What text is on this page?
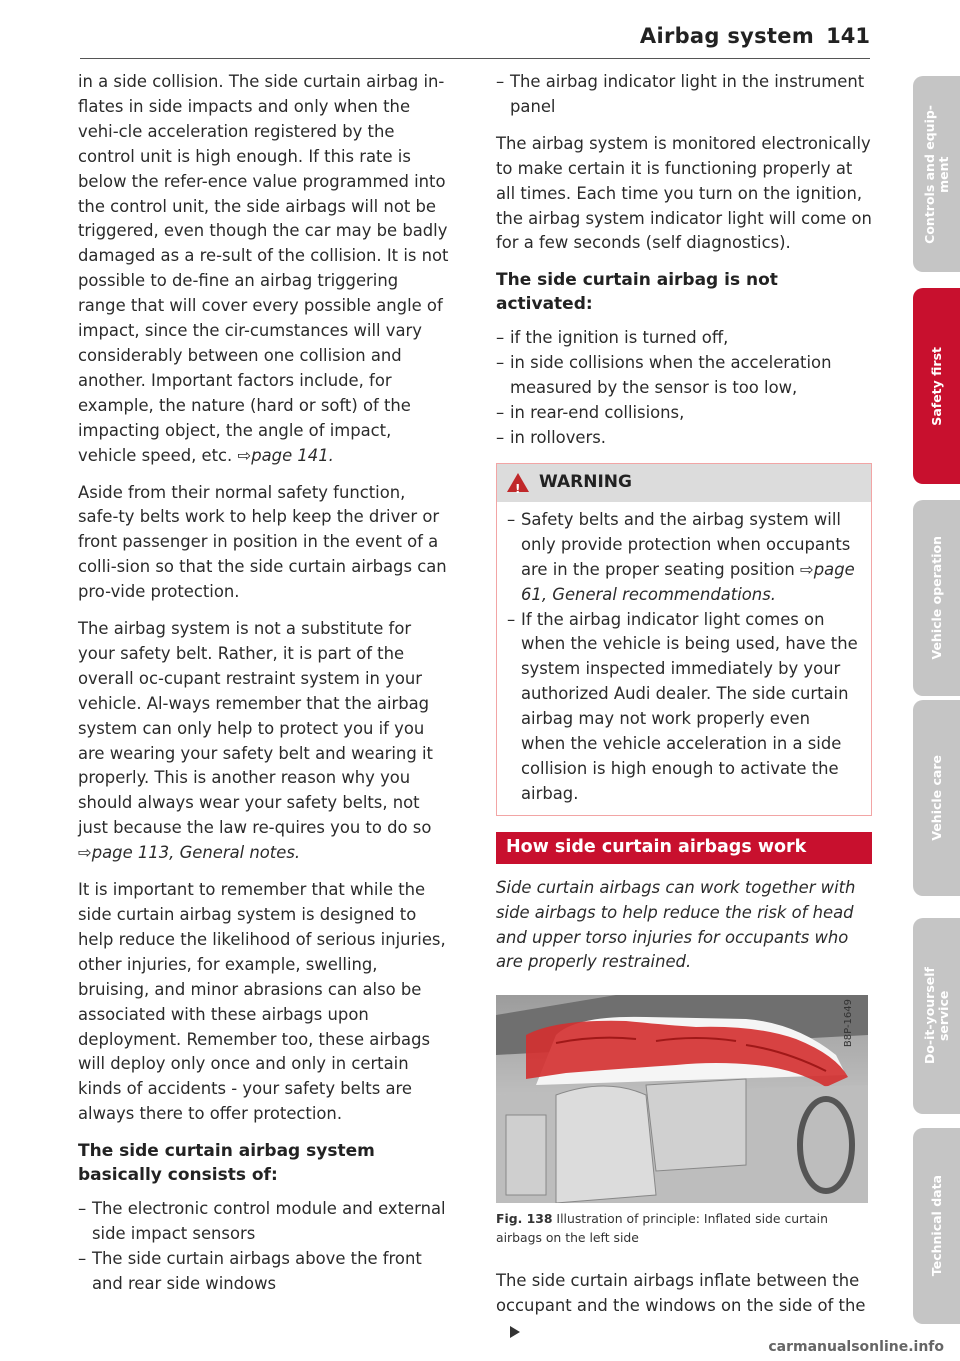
Airbag system 141

in a side collision. The side curtain airbag in-flates in side impacts and only when the vehi-cle acceleration registered by the control unit is high enough. If this rate is below the refer-ence value programmed into the control unit, the side airbags will not be triggered, even though the car may be badly damaged as a re-sult of the collision. It is not possible to de-fine an airbag triggering range that will cover every possible angle of impact, since the cir-cumstances will vary considerably between one collision and another. Important factors include, for example, the nature (hard or soft) of the impacting object, the angle of impact, vehicle speed, etc. ⇨page 141.

Aside from their normal safety function, safe-ty belts work to help keep the driver or front passenger in position in the event of a colli-sion so that the side curtain airbags can pro-vide protection.

The airbag system is not a substitute for your safety belt. Rather, it is part of the overall oc-cupant restraint system in your vehicle. Al-ways remember that the airbag system can only help to protect you if you are wearing your safety belt and wearing it properly. This is another reason why you should always wear your safety belts, not just because the law re-quires you to do so ⇨page 113, General notes.

It is important to remember that while the side curtain airbag system is designed to help reduce the likelihood of serious injuries, other injuries, for example, swelling, bruising, and minor abrasions can also be associated with these airbags upon deployment. Remember too, these airbags will deploy only once and only in certain kinds of accidents - your safety belts are always there to offer protection.

The side curtain airbag system basically consists of:
– The electronic control module and external side impact sensors
– The side curtain airbags above the front and rear side windows
– The airbag indicator light in the instrument panel

The airbag system is monitored electronically to make certain it is functioning properly at all times. Each time you turn on the ignition, the airbag system indicator light will come on for a few seconds (self diagnostics).

The side curtain airbag is not activated:
– if the ignition is turned off,
– in side collisions when the acceleration measured by the sensor is too low,
– in rear-end collisions,
– in rollovers.
!
WARNING
– Safety belts and the airbag system will only provide protection when occupants are in the proper seating position ⇨page 61, General recommendations.
– If the airbag indicator light comes on when the vehicle is being used, have the system inspected immediately by your authorized Audi dealer. The side curtain airbag may not work properly even when the vehicle acceleration in a side collision is high enough to activate the airbag.
How side curtain airbags work

Side curtain airbags can work together with side airbags to help reduce the risk of head and upper torso injuries for occupants who are properly restrained.

B8P-1649

Fig. 138 Illustration of principle: Inflated side curtain airbags on the left side

The side curtain airbags inflate between the occupant and the windows on the side of the

Controls and equip-
ment
Safety first
Vehicle operation
Vehicle care
Do-it-yourself
service
Technical data
carmanualsonline.info
